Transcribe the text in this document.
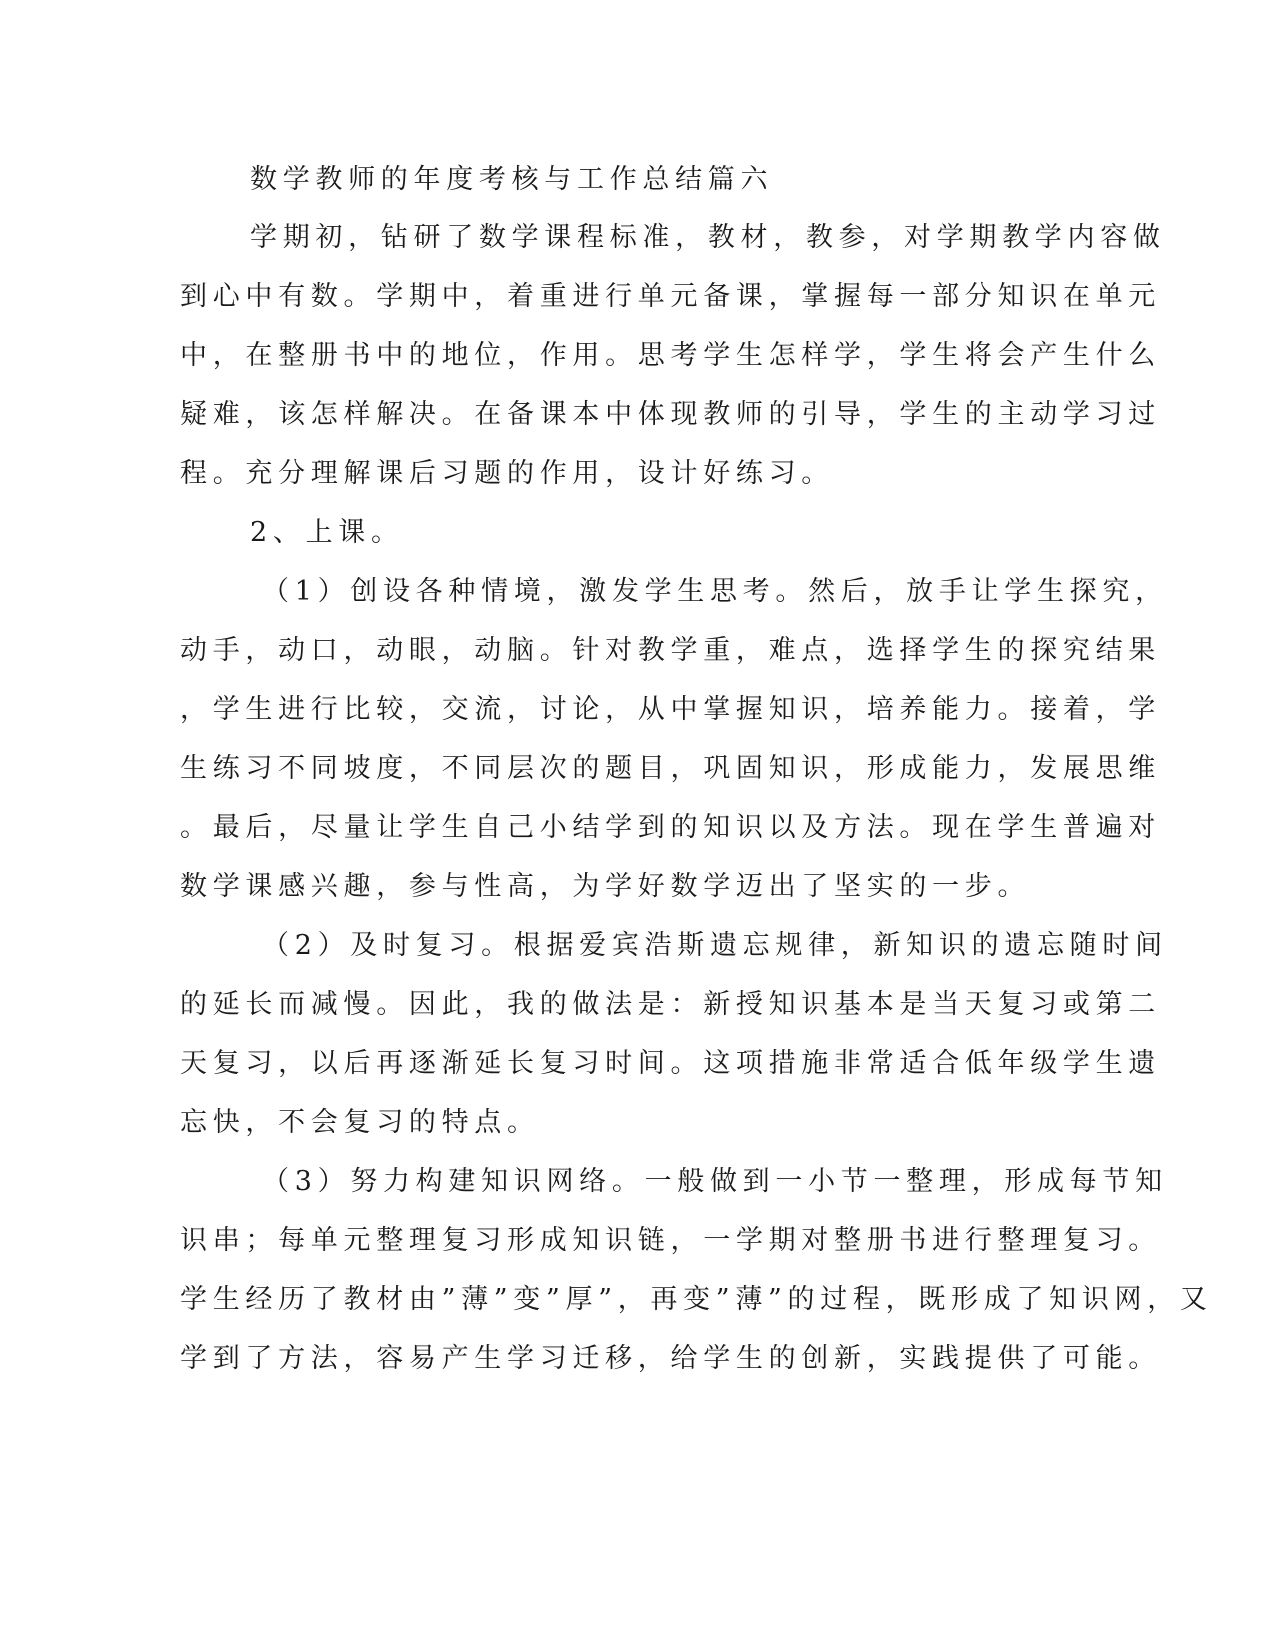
数学教师的年度考核与工作总结篇六
学期初，钻研了数学课程标准，教材，教参，对学期教学内容做
到心中有数。学期中，着重进行单元备课，掌握每一部分知识在单元
中，在整册书中的地位，作用。思考学生怎样学，学生将会产生什么
疑难，该怎样解决。在备课本中体现教师的引导，学生的主动学习过
程。充分理解课后习题的作用，设计好练习。
2、上课。
（1）创设各种情境，激发学生思考。然后，放手让学生探究，
动手，动口，动眼，动脑。针对教学重，难点，选择学生的探究结果
，学生进行比较，交流，讨论，从中掌握知识，培养能力。接着，学
生练习不同坡度，不同层次的题目，巩固知识，形成能力，发展思维
。最后，尽量让学生自己小结学到的知识以及方法。现在学生普遍对
数学课感兴趣，参与性高，为学好数学迈出了坚实的一步。
（2）及时复习。根据爱宾浩斯遗忘规律，新知识的遗忘随时间
的延长而减慢。因此，我的做法是：新授知识基本是当天复习或第二
天复习，以后再逐渐延长复习时间。这项措施非常适合低年级学生遗
忘快，不会复习的特点。
（3）努力构建知识网络。一般做到一小节一整理，形成每节知
识串；每单元整理复习形成知识链，一学期对整册书进行整理复习。
学生经历了教材由”薄”变”厚”，再变”薄”的过程，既形成了知识网，又
学到了方法，容易产生学习迁移，给学生的创新，实践提供了可能。
